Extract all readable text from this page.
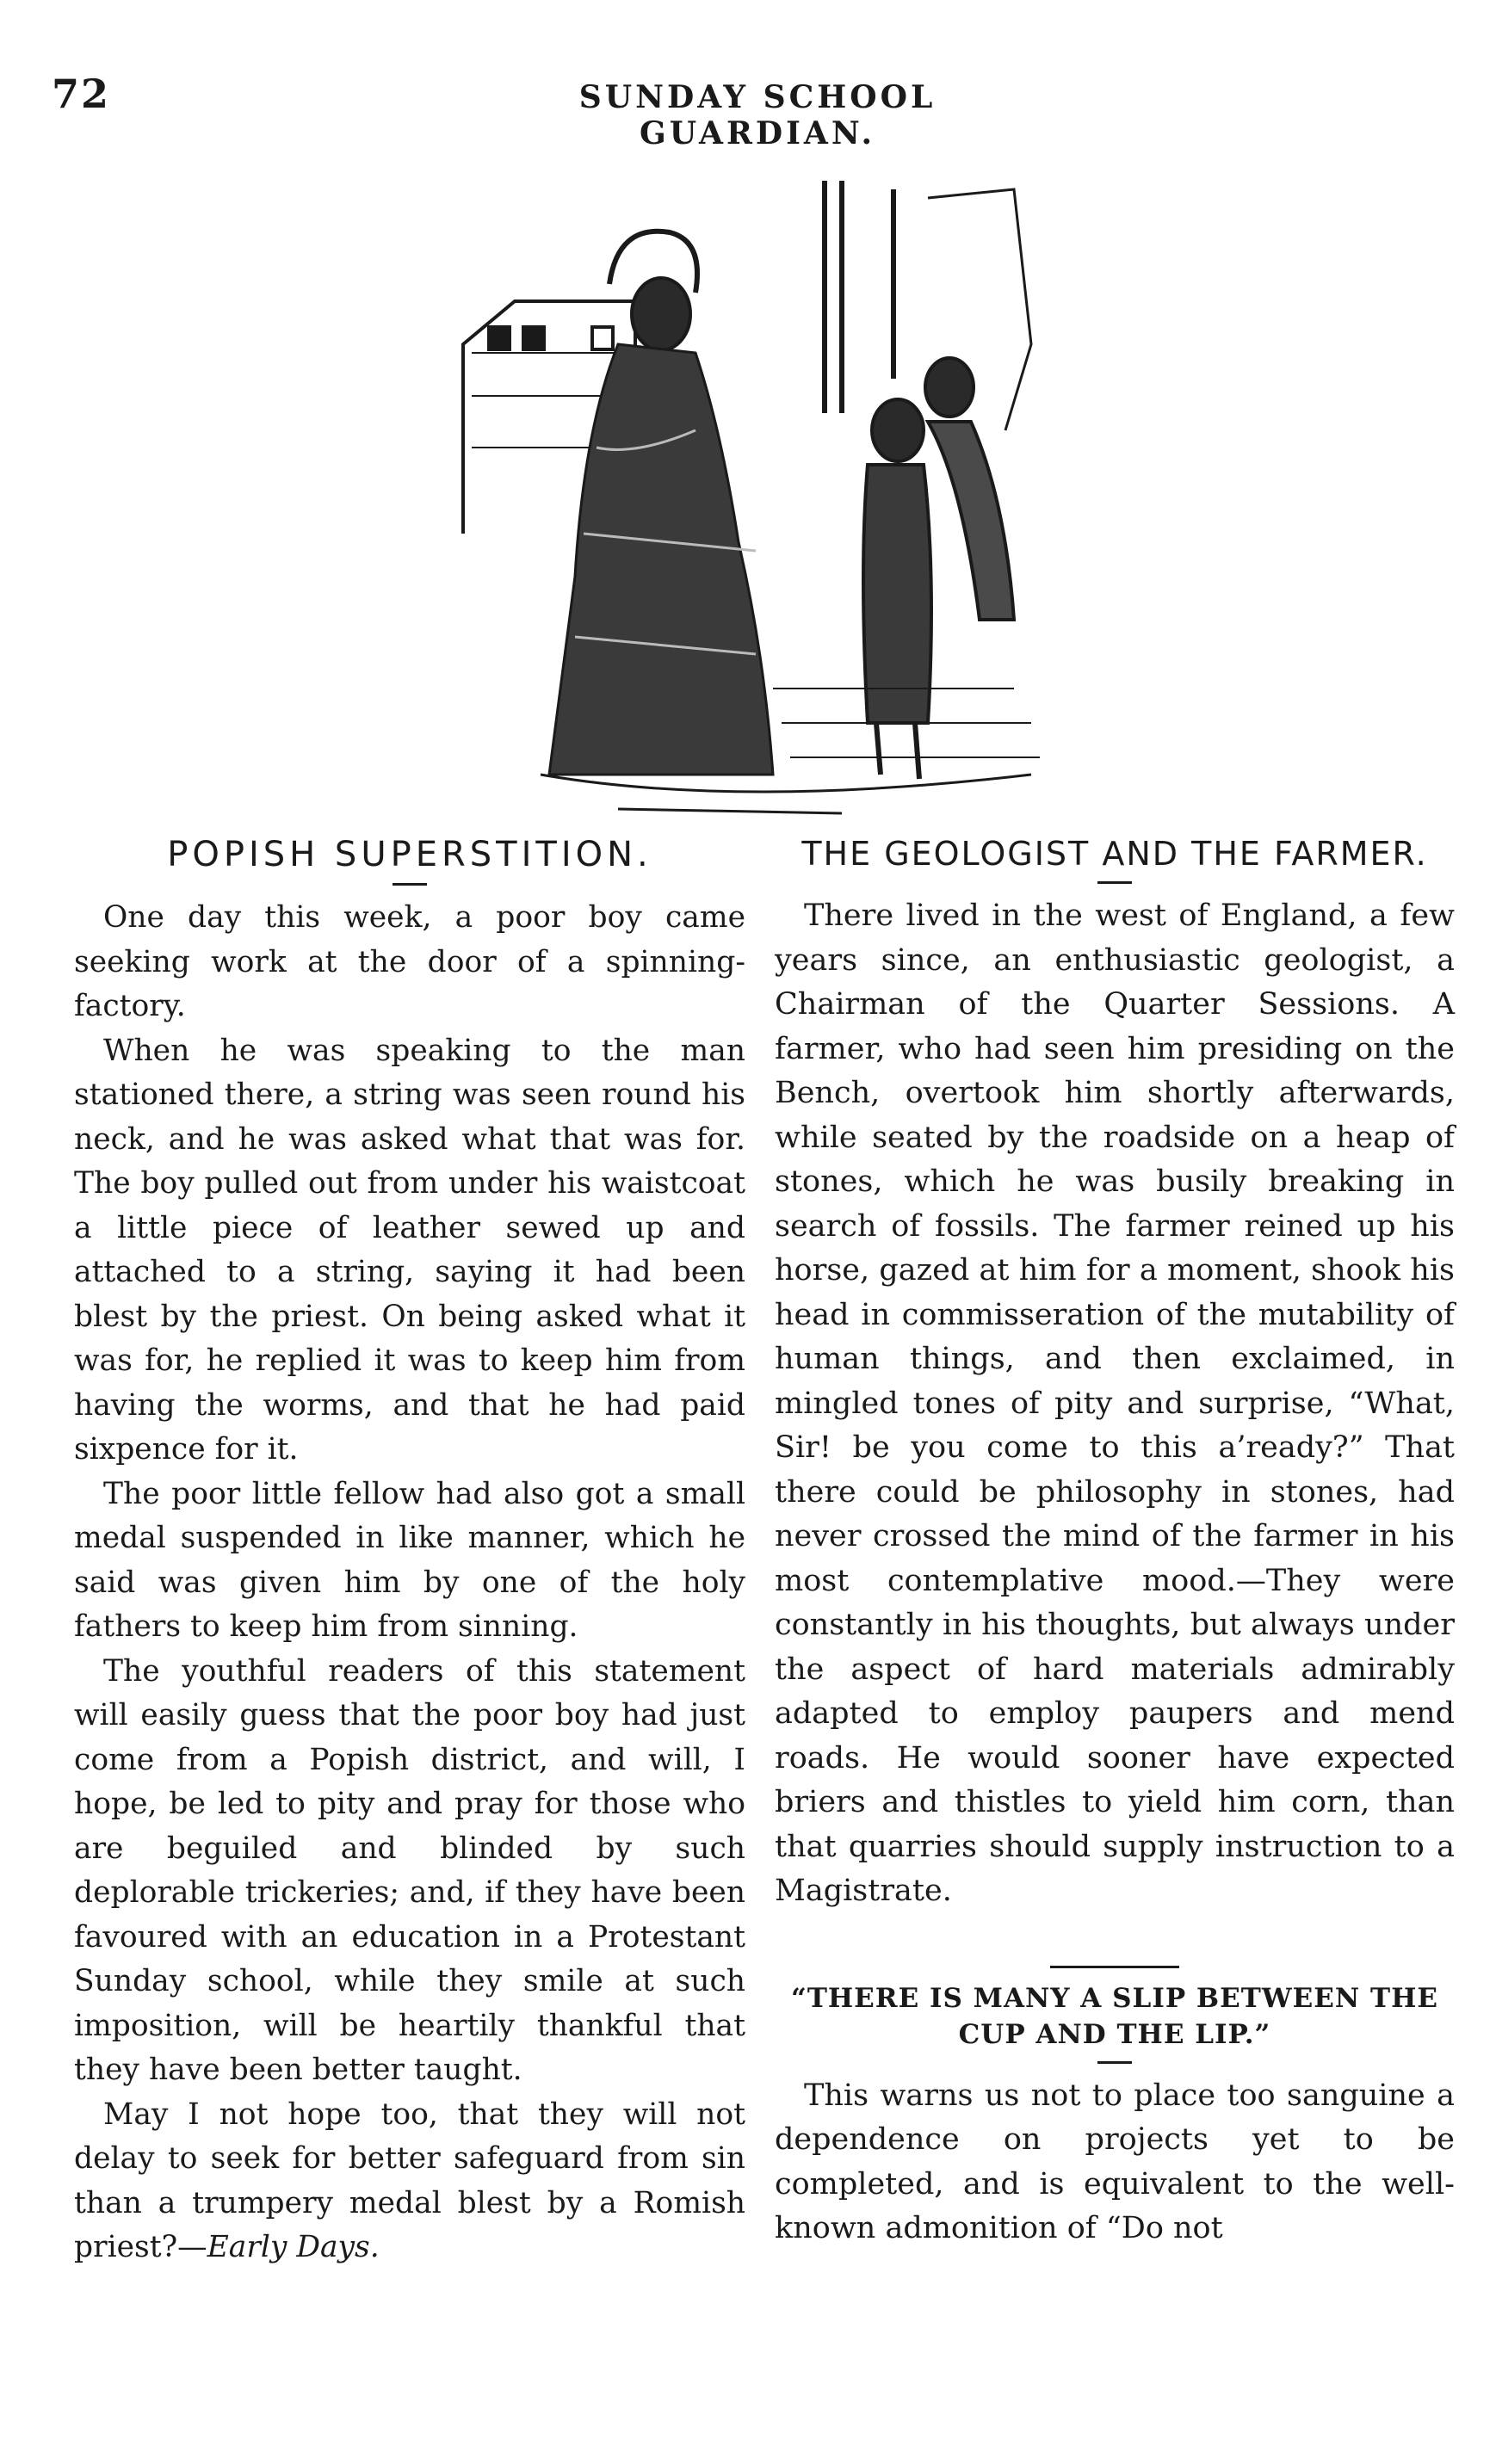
72	SUNDAY SCHOOL GUARDIAN.
POPISH SUPERSTITION.

One day this week, a poor boy came seeking work at the door of a spinning-factory.

When he was speaking to the man stationed there, a string was seen round his neck, and he was asked what that was for. The boy pulled out from under his waistcoat a little piece of leather sewed up and attached to a string, saying it had been blest by the priest. On being asked what it was for, he replied it was to keep him from having the worms, and that he had paid sixpence for it.

The poor little fellow had also got a small medal suspended in like manner, which he said was given him by one of the holy fathers to keep him from sinning.

The youthful readers of this statement will easily guess that the poor boy had just come from a Popish district, and will, I hope, be led to pity and pray for those who are beguiled and blinded by such deplorable trickeries; and, if they have been favoured with an education in a Protestant Sunday school, while they smile at such imposition, will be heartily thankful that they have been better taught.

May I not hope too, that they will not delay to seek for better safeguard from sin than a trumpery medal blest by a Romish priest?—Early Days.

THE GEOLOGIST AND THE FARMER.

There lived in the west of England, a few years since, an enthusiastic geologist, a Chairman of the Quarter Sessions. A farmer, who had seen him presiding on the Bench, overtook him shortly afterwards, while seated by the roadside on a heap of stones, which he was busily breaking in search of fossils. The farmer reined up his horse, gazed at him for a moment, shook his head in commisseration of the mutability of human things, and then exclaimed, in mingled tones of pity and surprise, “What, Sir! be you come to this a’ready?” That there could be philosophy in stones, had never crossed the mind of the farmer in his most contemplative mood.—They were constantly in his thoughts, but always under the aspect of hard materials admirably adapted to employ paupers and mend roads. He would sooner have expected briers and thistles to yield him corn, than that quarries should supply instruction to a Magistrate.

“THERE IS MANY A SLIP BETWEEN THE CUP AND THE LIP.”

This warns us not to place too sanguine a dependence on projects yet to be completed, and is equivalent to the well-known admonition of “Do not
